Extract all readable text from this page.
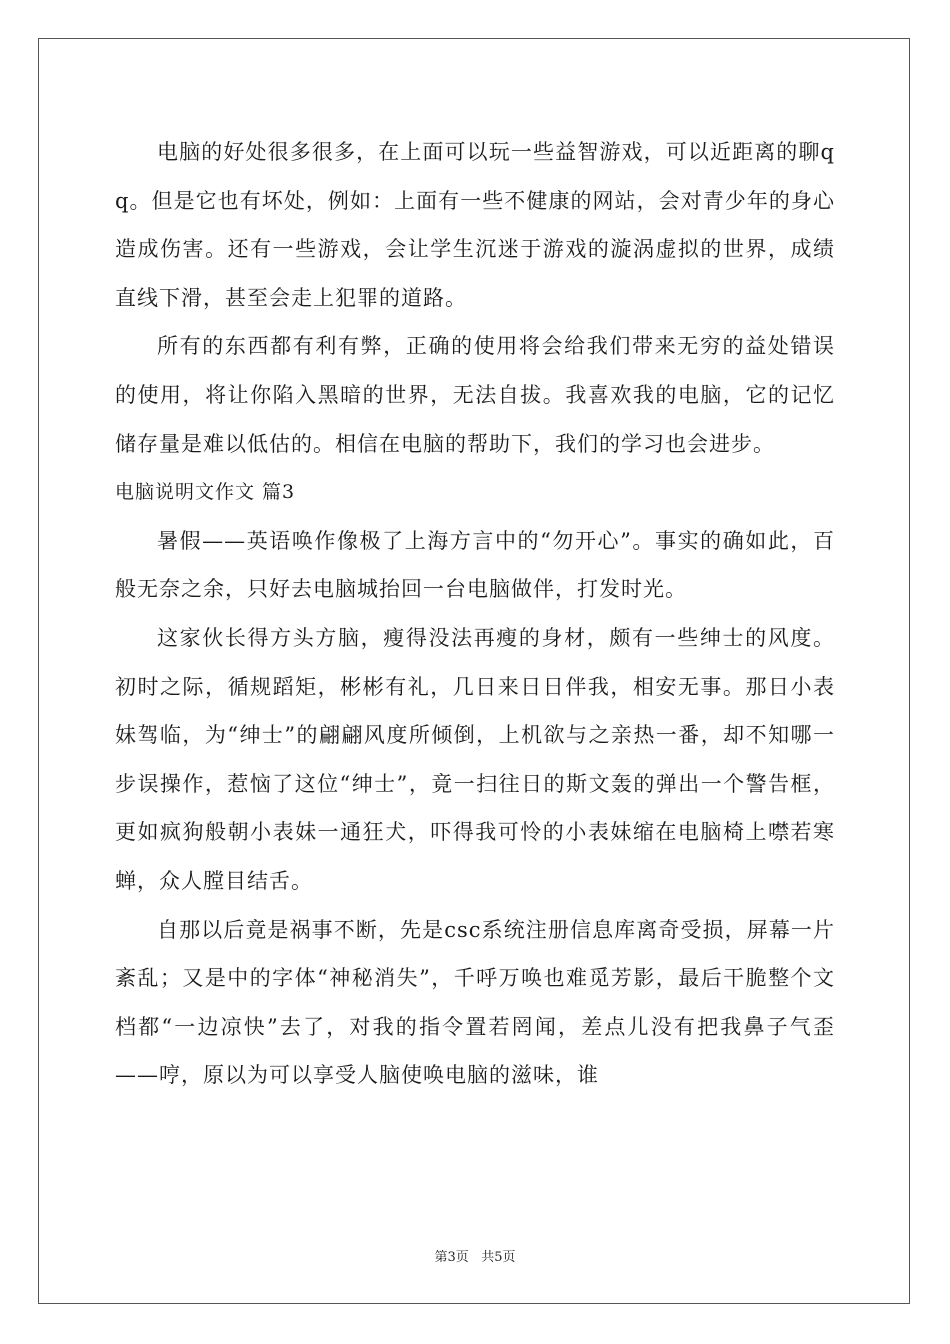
电脑的好处很多很多，在上面可以玩一些益智游戏，可以近距离的聊qq。但是它也有坏处，例如：上面有一些不健康的网站，会对青少年的身心造成伤害。还有一些游戏，会让学生沉迷于游戏的漩涡虚拟的世界，成绩直线下滑，甚至会走上犯罪的道路。

所有的东西都有利有弊，正确的使用将会给我们带来无穷的益处错误的使用，将让你陷入黑暗的世界，无法自拔。我喜欢我的电脑，它的记忆储存量是难以低估的。相信在电脑的帮助下，我们的学习也会进步。

电脑说明文作文 篇3

暑假——英语唤作像极了上海方言中的“勿开心”。事实的确如此，百般无奈之余，只好去电脑城抬回一台电脑做伴，打发时光。

这家伙长得方头方脑，瘦得没法再瘦的身材，颇有一些绅士的风度。初时之际，循规蹈矩，彬彬有礼，几日来日日伴我，相安无事。那日小表妹驾临，为“绅士”的翩翩风度所倾倒，上机欲与之亲热一番，却不知哪一步误操作，惹恼了这位“绅士”，竟一扫往日的斯文轰的弹出一个警告框，更如疯狗般朝小表妹一通狂犬，吓得我可怜的小表妹缩在电脑椅上噤若寒蝉，众人膛目结舌。

自那以后竟是祸事不断，先是csc系统注册信息库离奇受损，屏幕一片紊乱；又是中的字体“神秘消失”，千呼万唤也难觅芳影，最后干脆整个文档都“一边凉快”去了，对我的指令置若罔闻，差点儿没有把我鼻子气歪——哼，原以为可以享受人脑使唤电脑的滋味，谁

第3页 共5页
